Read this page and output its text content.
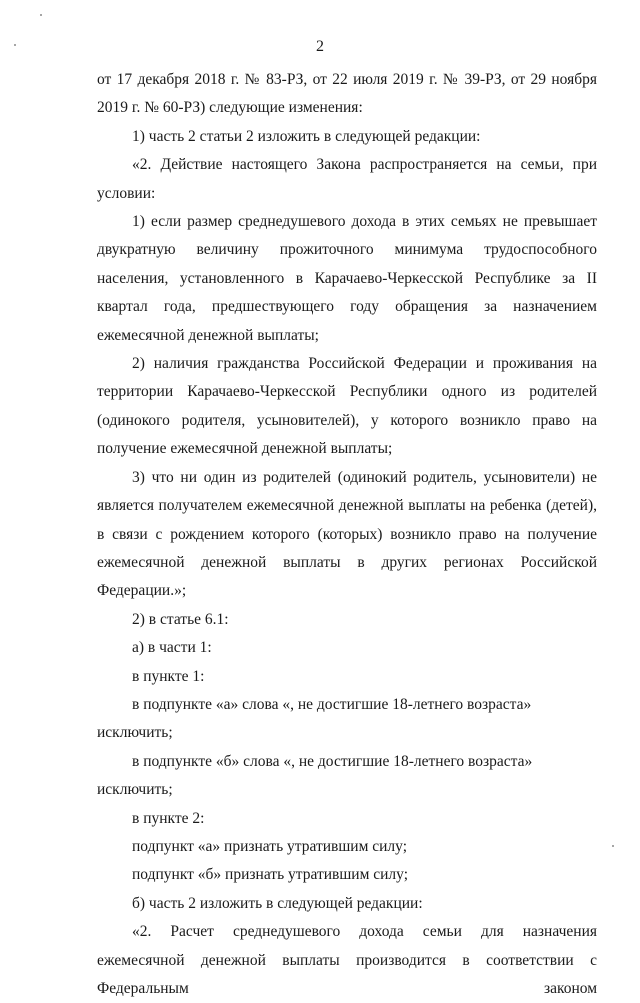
2

от 17 декабря 2018 г. № 83-РЗ, от 22 июля 2019 г. № 39-РЗ, от 29 ноября 2019 г. № 60-РЗ) следующие изменения:

1) часть 2 статьи 2 изложить в следующей редакции:

«2. Действие настоящего Закона распространяется на семьи, при условии:

1) если размер среднедушевого дохода в этих семьях не превышает двукратную величину прожиточного минимума трудоспособного населения, установленного в Карачаево-Черкесской Республике за II квартал года, предшествующего году обращения за назначением ежемесячной денежной выплаты;

2) наличия гражданства Российской Федерации и проживания на территории Карачаево-Черкесской Республики одного из родителей (одинокого родителя, усыновителей), у которого возникло право на получение ежемесячной денежной выплаты;

3) что ни один из родителей (одинокий родитель, усыновители) не является получателем ежемесячной денежной выплаты на ребенка (детей), в связи с рождением которого (которых) возникло право на получение ежемесячной денежной выплаты в других регионах Российской Федерации.»;

2) в статье 6.1:

а) в части 1:

в пункте 1:

в подпункте «а» слова «, не достигшие 18-летнего возраста» исключить;

в подпункте «б» слова «, не достигшие 18-летнего возраста» исключить;

в пункте 2:

подпункт «а» признать утратившим силу;

подпункт «б» признать утратившим силу;

б) часть 2 изложить в следующей редакции:

«2. Расчет среднедушевого дохода семьи для назначения ежемесячной денежной выплаты производится в соответствии с Федеральным законом
